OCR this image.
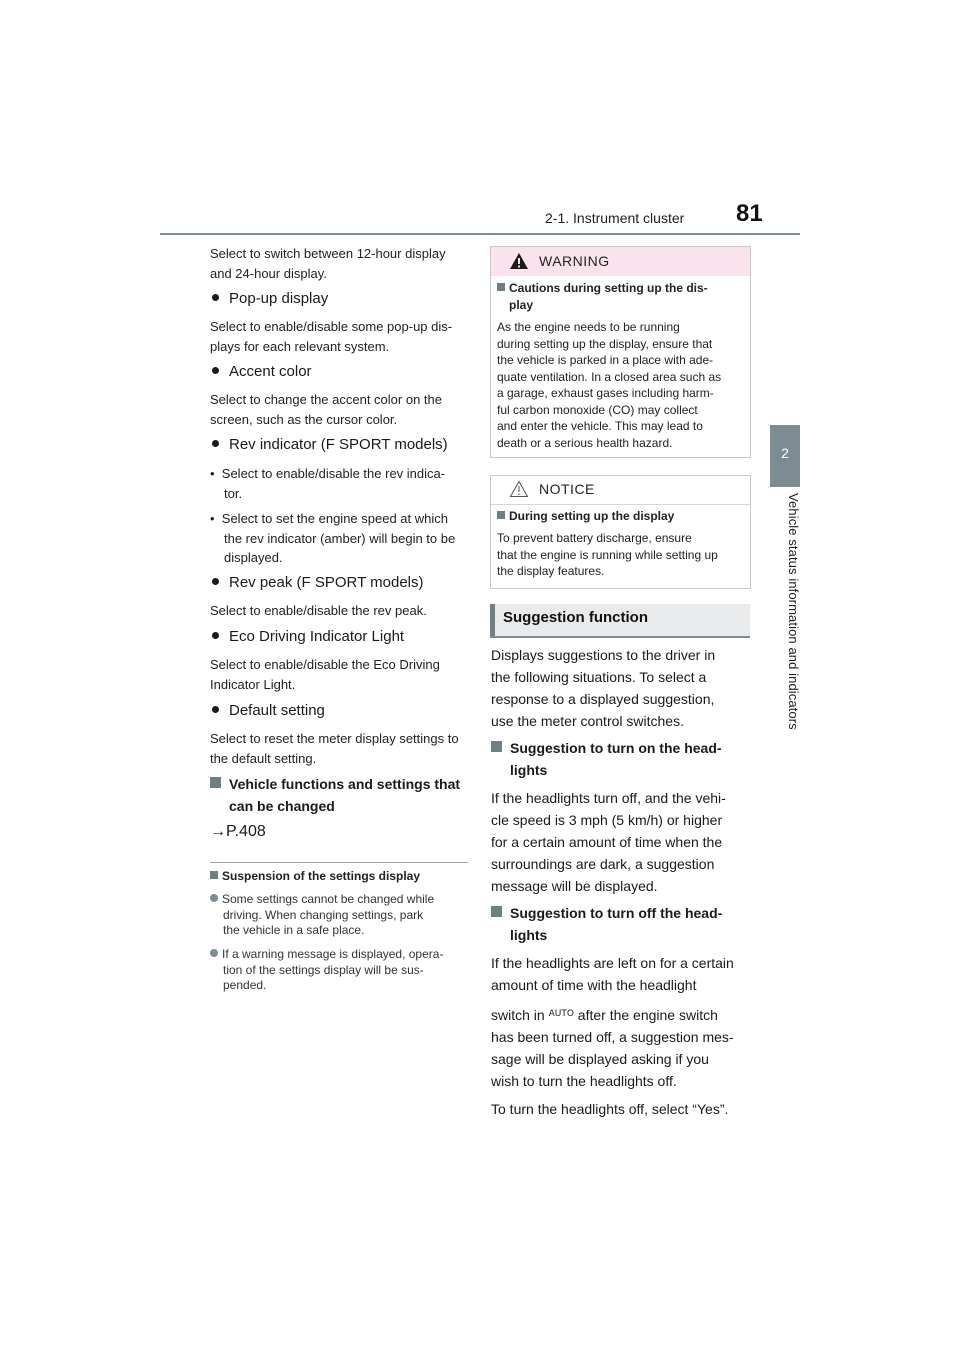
2-1. Instrument cluster 81
2
Vehicle status information and indicators
Select to switch between 12-hour display
and 24-hour display.
Pop-up display
Select to enable/disable some pop-up dis-
plays for each relevant system.
Accent color
Select to change the accent color on the
screen, such as the cursor color.
Rev indicator (F SPORT models)
•  Select to enable/disable the rev indica-
tor.
•  Select to set the engine speed at which
the rev indicator (amber) will begin to be
displayed.
Rev peak (F SPORT models)
Select to enable/disable the rev peak.
Eco Driving Indicator Light
Select to enable/disable the Eco Driving
Indicator Light.
Default setting
Select to reset the meter display settings to
the default setting.
Vehicle functions and settings that
can be changed
→P.408
Suspension of the settings display
Some settings cannot be changed while
driving. When changing settings, park
the vehicle in a safe place.
If a warning message is displayed, opera-
tion of the settings display will be sus-
pended.
WARNING
Cautions during setting up the dis-
play
As the engine needs to be running
during setting up the display, ensure that
the vehicle is parked in a place with ade-
quate ventilation. In a closed area such as
a garage, exhaust gases including harm-
ful carbon monoxide (CO) may collect
and enter the vehicle. This may lead to
death or a serious health hazard.
NOTICE
During setting up the display
To prevent battery discharge, ensure
that the engine is running while setting up
the display features.
Suggestion function
Displays suggestions to the driver in
the following situations. To select a
response to a displayed suggestion,
use the meter control switches.
Suggestion to turn on the head-
lights
If the headlights turn off, and the vehi-
cle speed is 3 mph (5 km/h) or higher
for a certain amount of time when the
surroundings are dark, a suggestion
message will be displayed.
Suggestion to turn off the head-
lights
If the headlights are left on for a certain
amount of time with the headlight
switch in $^{AUTO}$ after the engine switch
has been turned off, a suggestion mes-
sage will be displayed asking if you
wish to turn the headlights off.
To turn the headlights off, select “Yes”.
